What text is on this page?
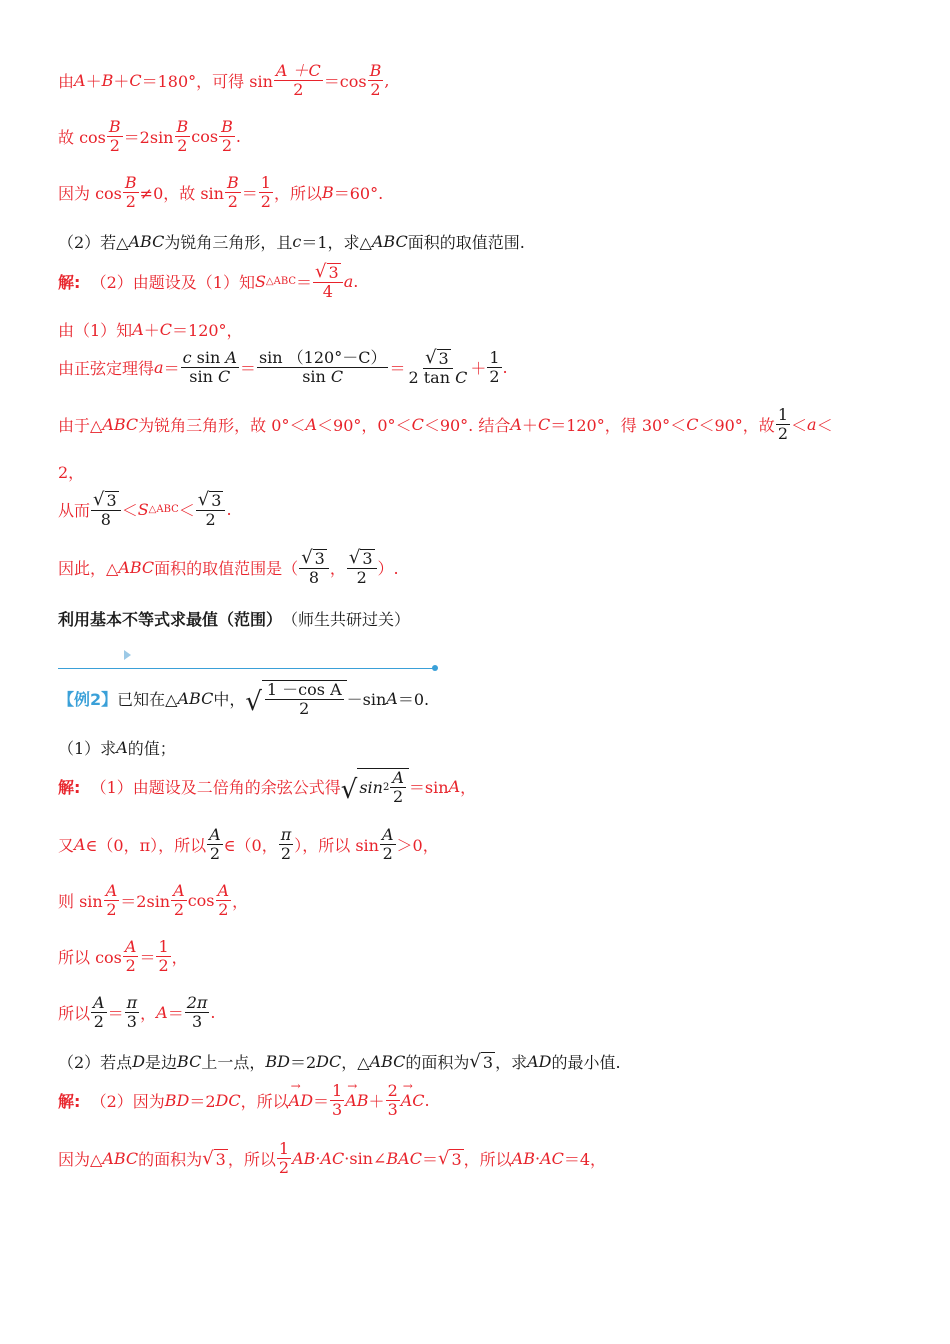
由 A ＋ B ＋ C ＝180°，可得 $\sin \frac{A +C}{2} =\cos \frac{B}{2}$ ,
故 $\cos \frac{B}{2} =2\sin \frac{B}{2}$ $\cos \frac{B}{2}$ .
因为 $\cos \frac{B}{2} \ne 0$，故 $\sin \frac{B}{2} = \frac{1}{2}$ ，所以 B ＝60°.
（2）若△ ABC 为锐角三角形，且 c ＝1，求△ ABC 面积的取值范围.
解:
（2）由题设及（1）知 S △ABC ＝ $\frac{√ 3}{4}$ a .
由（1）知 A ＋ C ＝120°，
由正弦定理得 $a = \frac{\text{c sin A}}{\text{sin C}} = \frac{\sin (120^\circ-C)}{\text{sin C}} = \frac{√ 3}{\text{2 tan C}} + \frac{1}{2}$ .
由于△ ABC 为锐角三角形，故 0°＜ A ＜90°，0°＜ C ＜90°. 结合 A ＋ C ＝120°，得 30°＜ C ＜90°，故 $\frac{1}{2} < a$ ＜
2，
从而 $\frac{√ 3}{8} < S$ △ABC ＜ $\frac{√ 3}{2}$ .
因此，△ ABC 面积的取值范围是（ $\frac{√ 3}{8}$ ， $\frac{√ 3}{2}$ ）.
利用基本不等式求最值（范围） （师生共研过关）
【例2】 已知在△ ABC 中， √ $\frac{\text{1 －cos A}}{2} -\sin$ A ＝0.
（1）求 A 的值；
解:
（1）由题设及二倍角的余弦公式得 √ $\sin 2 \frac{A}{2} =\sin$ A ，
又 A ∈（0，π），所以 $\frac{A}{2}$ ∈（0， $\frac{\pi}{2}$ ），所以 $\sin \frac{A}{2} >0$，
则 $\sin \frac{A}{2} =2\sin \frac{A}{2}$ $\cos \frac{A}{2}$ ，
所以 $\cos \frac{A}{2} = \frac{1}{2}$ ，
所以 $\frac{A}{2} = \frac{\pi}{3}$ ， $A = \frac{2\pi}{3}$ .
（2）若点 D 是边 BC 上一点， BD ＝2 DC ，△ ABC 的面积为 √ 3 ，求 AD 的最小值.
解:
（2）因为 BD ＝2 DC ，所以 → AD ＝ $\frac{1}{3}$ → AB ＋ $\frac{2}{3}$ → AC .
因为△ ABC 的面积为 √ 3 ，所以 $\frac{1}{2} AB\cdot AC$ ·sin∠ BAC ＝ √ 3 ，所以 AB · AC ＝4，
